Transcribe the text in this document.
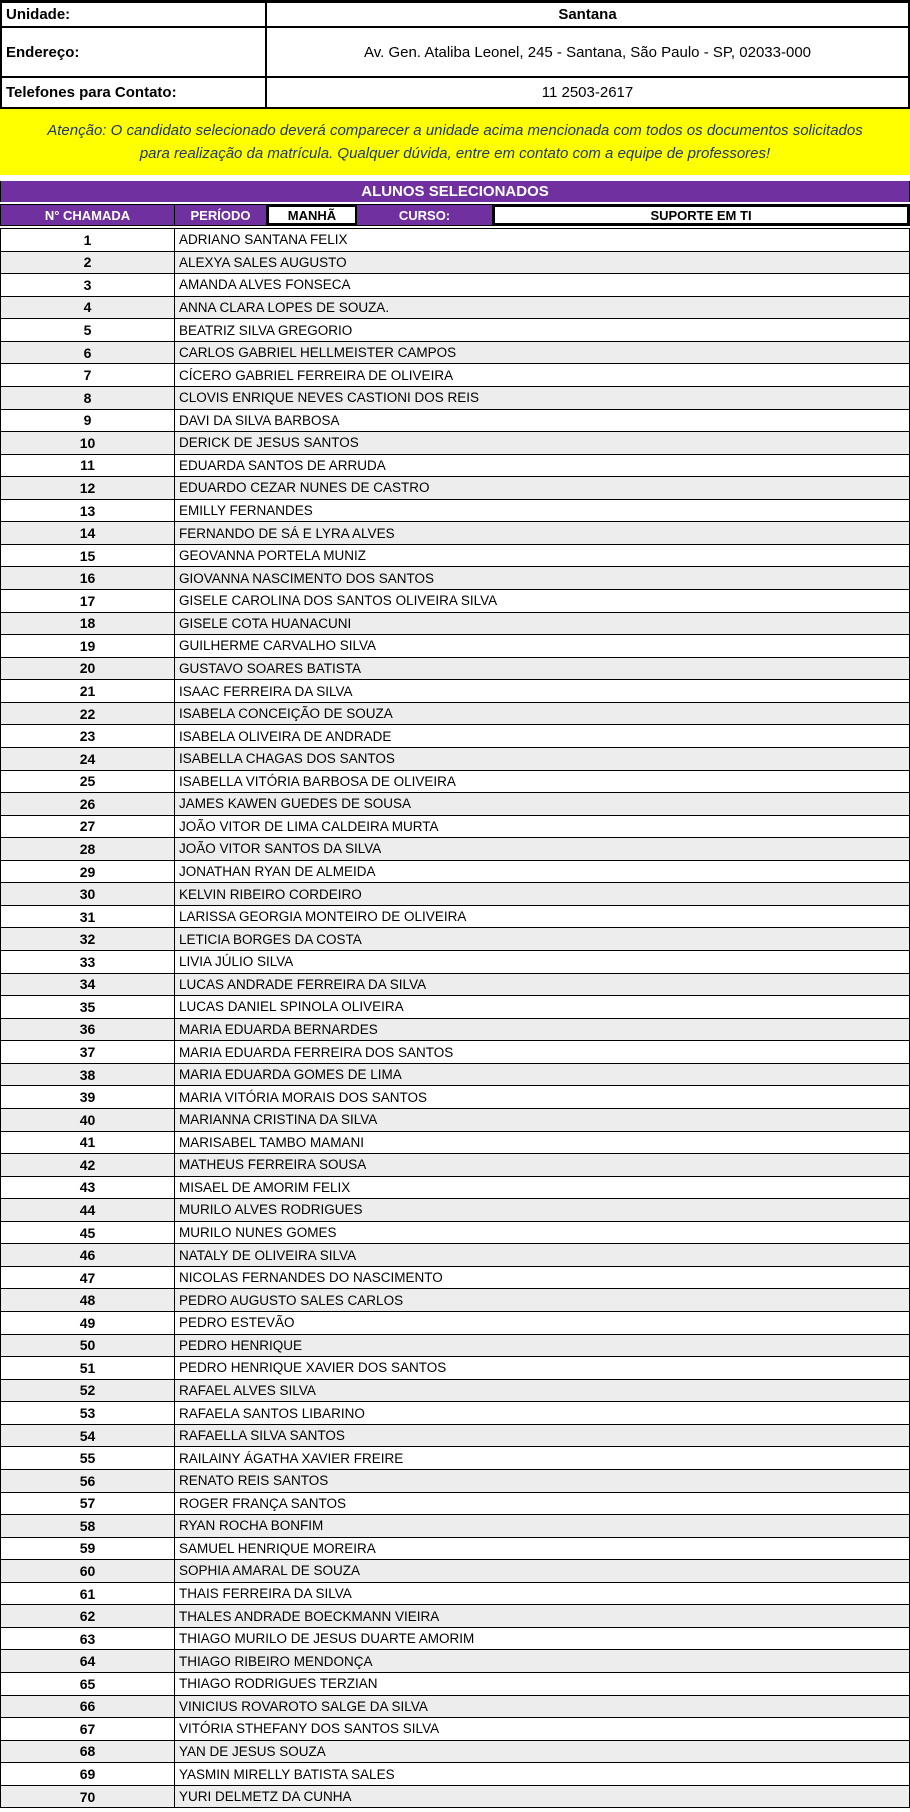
Unidade:	Santana
Endereço:	Av. Gen. Ataliba Leonel, 245 - Santana, São Paulo - SP, 02033-000
Telefones para Contato:	11 2503-2617
Atenção: O candidato selecionado deverá comparecer a unidade acima mencionada com todos os documentos solicitados para realização da matrícula. Qualquer dúvida, entre em contato com a equipe de professores!
ALUNOS SELECIONADOS
N° CHAMADA	PERÍODO	MANHÃ	CURSO:	SUPORTE EM TI
1	ADRIANO SANTANA FELIX
2	ALEXYA SALES AUGUSTO
3	AMANDA ALVES FONSECA
4	ANNA CLARA LOPES DE SOUZA.
5	BEATRIZ SILVA GREGORIO
6	CARLOS GABRIEL HELLMEISTER CAMPOS
7	CÍCERO GABRIEL FERREIRA DE OLIVEIRA
8	CLOVIS ENRIQUE NEVES CASTIONI DOS REIS
9	DAVI DA SILVA BARBOSA
10	DERICK DE JESUS SANTOS
11	EDUARDA SANTOS DE ARRUDA
12	EDUARDO CEZAR NUNES DE CASTRO
13	EMILLY FERNANDES
14	FERNANDO DE SÁ E LYRA ALVES
15	GEOVANNA PORTELA MUNIZ
16	GIOVANNA NASCIMENTO DOS SANTOS
17	GISELE CAROLINA DOS SANTOS OLIVEIRA SILVA
18	GISELE COTA HUANACUNI
19	GUILHERME CARVALHO SILVA
20	GUSTAVO SOARES BATISTA
21	ISAAC FERREIRA DA SILVA
22	ISABELA CONCEIÇÃO DE SOUZA
23	ISABELA OLIVEIRA DE ANDRADE
24	ISABELLA CHAGAS DOS SANTOS
25	ISABELLA VITÓRIA BARBOSA DE OLIVEIRA
26	JAMES KAWEN GUEDES DE SOUSA
27	JOÃO VITOR DE LIMA CALDEIRA MURTA
28	JOÃO VITOR SANTOS DA SILVA
29	JONATHAN RYAN DE ALMEIDA
30	KELVIN RIBEIRO CORDEIRO
31	LARISSA GEORGIA MONTEIRO DE OLIVEIRA
32	LETICIA BORGES DA COSTA
33	LIVIA JÚLIO SILVA
34	LUCAS ANDRADE FERREIRA DA SILVA
35	LUCAS DANIEL SPINOLA OLIVEIRA
36	MARIA EDUARDA BERNARDES
37	MARIA EDUARDA FERREIRA DOS SANTOS
38	MARIA EDUARDA GOMES DE LIMA
39	MARIA VITÓRIA MORAIS DOS SANTOS
40	MARIANNA CRISTINA DA SILVA
41	MARISABEL TAMBO MAMANI
42	MATHEUS FERREIRA SOUSA
43	MISAEL DE AMORIM FELIX
44	MURILO ALVES RODRIGUES
45	MURILO NUNES GOMES
46	NATALY DE OLIVEIRA SILVA
47	NICOLAS FERNANDES DO NASCIMENTO
48	PEDRO AUGUSTO SALES CARLOS
49	PEDRO ESTEVÃO
50	PEDRO HENRIQUE
51	PEDRO HENRIQUE XAVIER DOS SANTOS
52	RAFAEL ALVES SILVA
53	RAFAELA SANTOS LIBARINO
54	RAFAELLA SILVA SANTOS
55	RAILAINY ÁGATHA XAVIER FREIRE
56	RENATO REIS SANTOS
57	ROGER FRANÇA SANTOS
58	RYAN ROCHA BONFIM
59	SAMUEL HENRIQUE MOREIRA
60	SOPHIA AMARAL DE SOUZA
61	THAIS FERREIRA DA SILVA
62	THALES ANDRADE BOECKMANN VIEIRA
63	THIAGO MURILO DE JESUS DUARTE AMORIM
64	THIAGO RIBEIRO MENDONÇA
65	THIAGO RODRIGUES TERZIAN
66	VINICIUS ROVAROTO SALGE DA SILVA
67	VITÓRIA STHEFANY DOS SANTOS SILVA
68	YAN DE JESUS SOUZA
69	YASMIN MIRELLY BATISTA SALES
70	YURI DELMETZ DA CUNHA
